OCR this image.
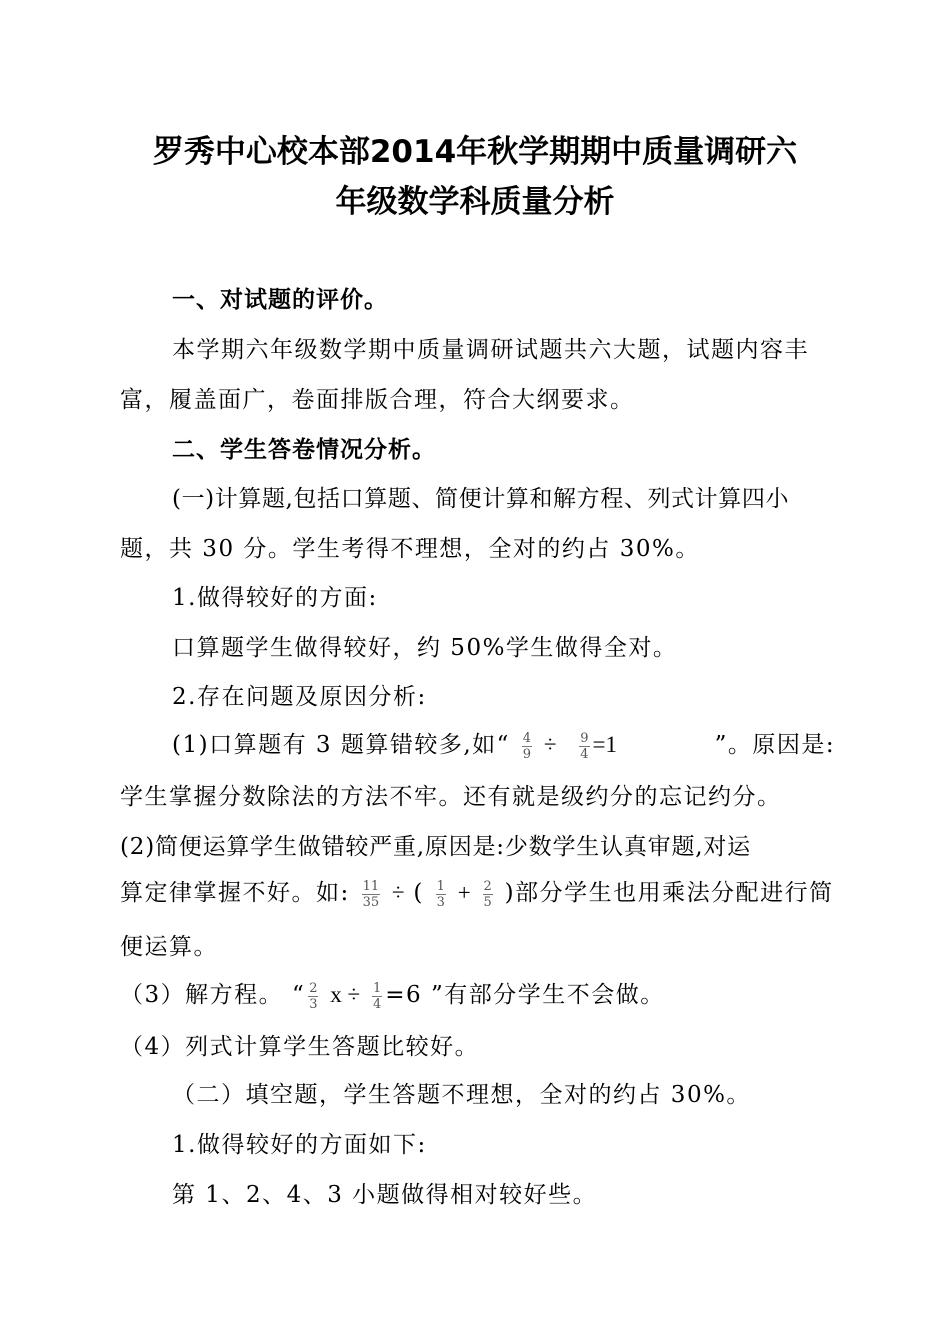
罗秀中心校本部2014年秋学期期中质量调研六
年级数学科质量分析
一、对试题的评价。
本学期六年级数学期中质量调研试题共六大题，试题内容丰
富，履盖面广，卷面排版合理，符合大纲要求。
二、学生答卷情况分析。
(一)计算题,包括口算题、简便计算和解方程、列式计算四小
题，共 30 分。学生考得不理想，全对的约占 30%。
1.做得较好的方面:
口算题学生做得较好，约 50%学生做得全对。
2.存在问题及原因分析:
(1)口算题有 3 题算错较多,如“ $\frac{4}{9} \div \frac{9}{4} =1$	”。原因是:
学生掌握分数除法的方法不牢。还有就是级约分的忘记约分。
(2)简便运算学生做错较严重,原因是:少数学生认真审题,对运
算定律掌握不好。如: $\frac{11}{35}$ ÷ ( $\frac{1}{3} + \frac{2}{5}$ )部分学生也用乘法分配进行简
便运算。
（3）解方程。 “ $\frac{2}{3}$ $x \div \frac{1}{4} =6$ ”有部分学生不会做。
（4）列式计算学生答题比较好。
（二）填空题，学生答题不理想，全对的约占 30%。
1.做得较好的方面如下:
第 1、2、4、3 小题做得相对较好些。
